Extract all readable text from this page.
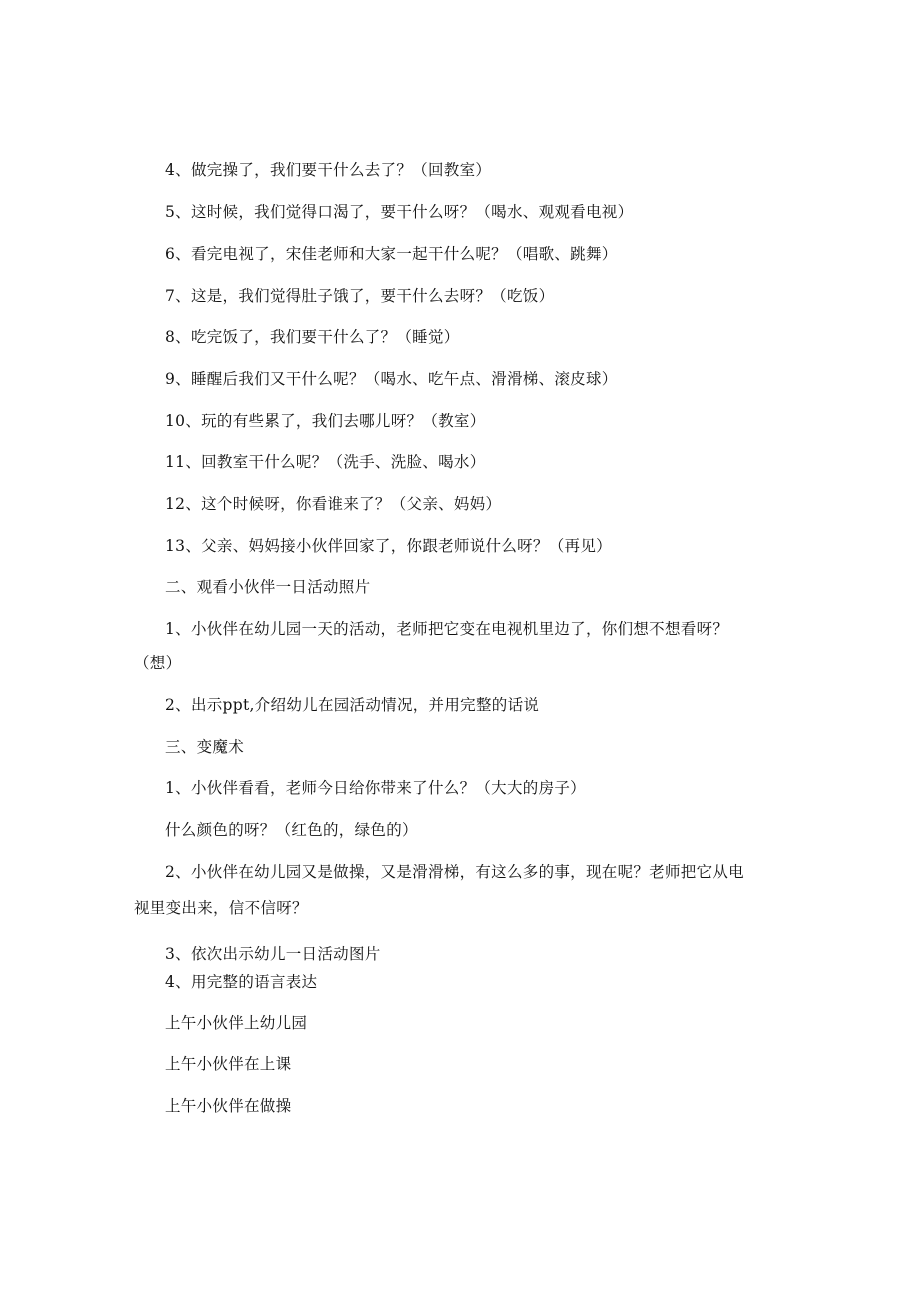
4、做完操了，我们要干什么去了？（回教室）
5、这时候，我们觉得口渴了，要干什么呀？（喝水、观观看电视）
6、看完电视了，宋佳老师和大家一起干什么呢？（唱歌、跳舞）
7、这是，我们觉得肚子饿了，要干什么去呀？（吃饭）
8、吃完饭了，我们要干什么了？（睡觉）
9、睡醒后我们又干什么呢？（喝水、吃午点、滑滑梯、滚皮球）
10、玩的有些累了，我们去哪儿呀？（教室）
11、回教室干什么呢？（洗手、洗脸、喝水）
12、这个时候呀，你看谁来了？（父亲、妈妈）
13、父亲、妈妈接小伙伴回家了，你跟老师说什么呀？（再见）
二、观看小伙伴一日活动照片
1、小伙伴在幼儿园一天的活动，老师把它变在电视机里边了，你们想不想看呀？
（想）
2、出示ppt,介绍幼儿在园活动情况，并用完整的话说
三、变魔术
1、小伙伴看看，老师今日给你带来了什么？（大大的房子）
什么颜色的呀？（红色的，绿色的）
2、小伙伴在幼儿园又是做操，又是滑滑梯，有这么多的事，现在呢？老师把它从电
视里变出来，信不信呀？
3、依次出示幼儿一日活动图片
4、用完整的语言表达
上午小伙伴上幼儿园
上午小伙伴在上课
上午小伙伴在做操
